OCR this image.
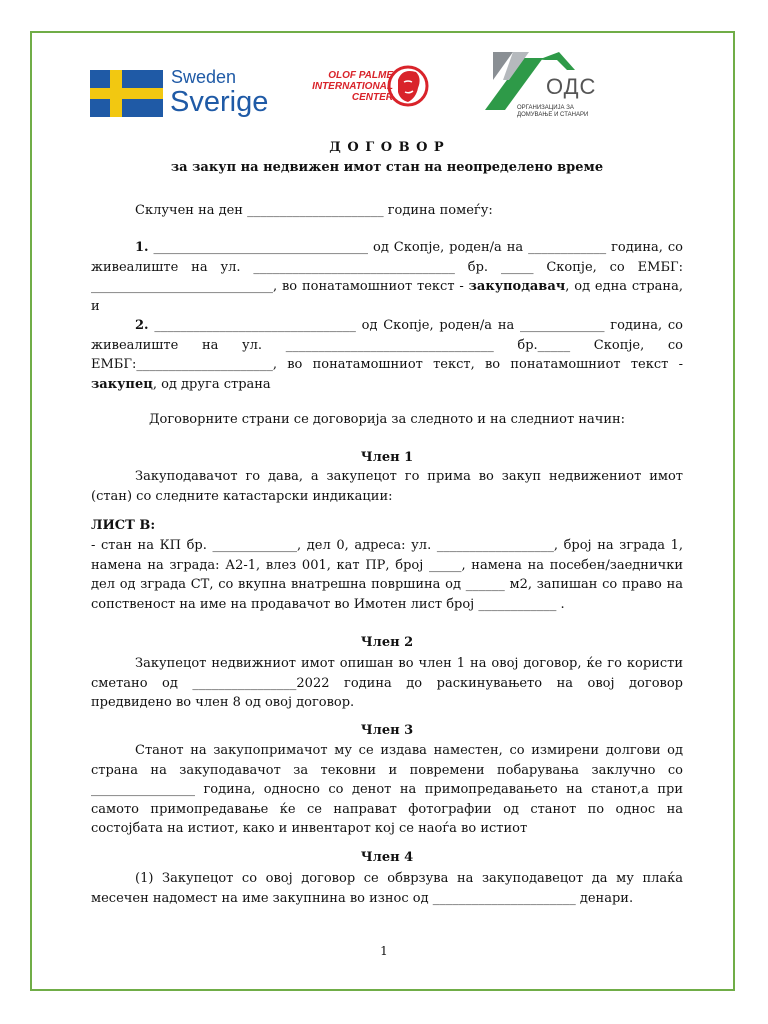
Sweden
Sverige
OLOF PALME INTERNATIONAL CENTER	ОДС
ОРГАНИЗАЦИЈА ЗА ДОМУВАЊЕ И СТАНАРИ
Д О Г О В О Р
за закуп на недвижен имот стан на неопределено време
Склучен на ден _____________________ година помеѓу:
1. _________________________________ од Скопје, роден/а на ____________ година, со живеалиште на ул. _______________________________ бр. _____ Скопје, со ЕМБГ: ____________________________, во понатамошниот текст - закуподавач, од една страна, и
2. _______________________________ од Скопје, роден/а на _____________ година, со живеалиште на ул. ________________________________ бр._____ Скопје, со ЕМБГ:_____________________, во понатамошниот текст, во понатамошниот текст - закупец, од друга страна
Договорните страни се договорија за следното и на следниот начин:
Член 1
Закуподавачот го дава, а закупецот го прима во закуп недвижениот имот (стан) со следните катастарски индикации:
ЛИСТ В:
- стан на КП бр. _____________, дел 0, адреса: ул. __________________, број на зграда 1, намена на зграда: А2-1, влез 001, кат ПР, број _____, намена на посебен/заеднички дел од зграда СТ, со вкупна внатрешна површина од ______ м2, запишан со право на сопственост на име на продавачот во Имотен лист број ____________ .
Член 2
Закупецот недвижниот имот опишан во член 1 на овој договор, ќе го користи сметано од ________________2022 година до раскинувањето на овој договор предвидено во член 8 од овој договор.
Член 3
Станот на закупопримачот му се издава наместен, со измирени долгови од страна на закуподавачот за тековни и повремени побарувања заклучно со ________________ година, односно со денот на примопредавањето на станот,а при самото примопредавање ќе се направат фотографии од станот по однос на состојбата на истиот, како и инвентарот кој се наоѓа во истиот
Член 4
(1) Закупецот со овој договор се обврзува на закуподавецот да му плаќа месечен надомест на име закупнина во износ од ______________________ денари.
1
